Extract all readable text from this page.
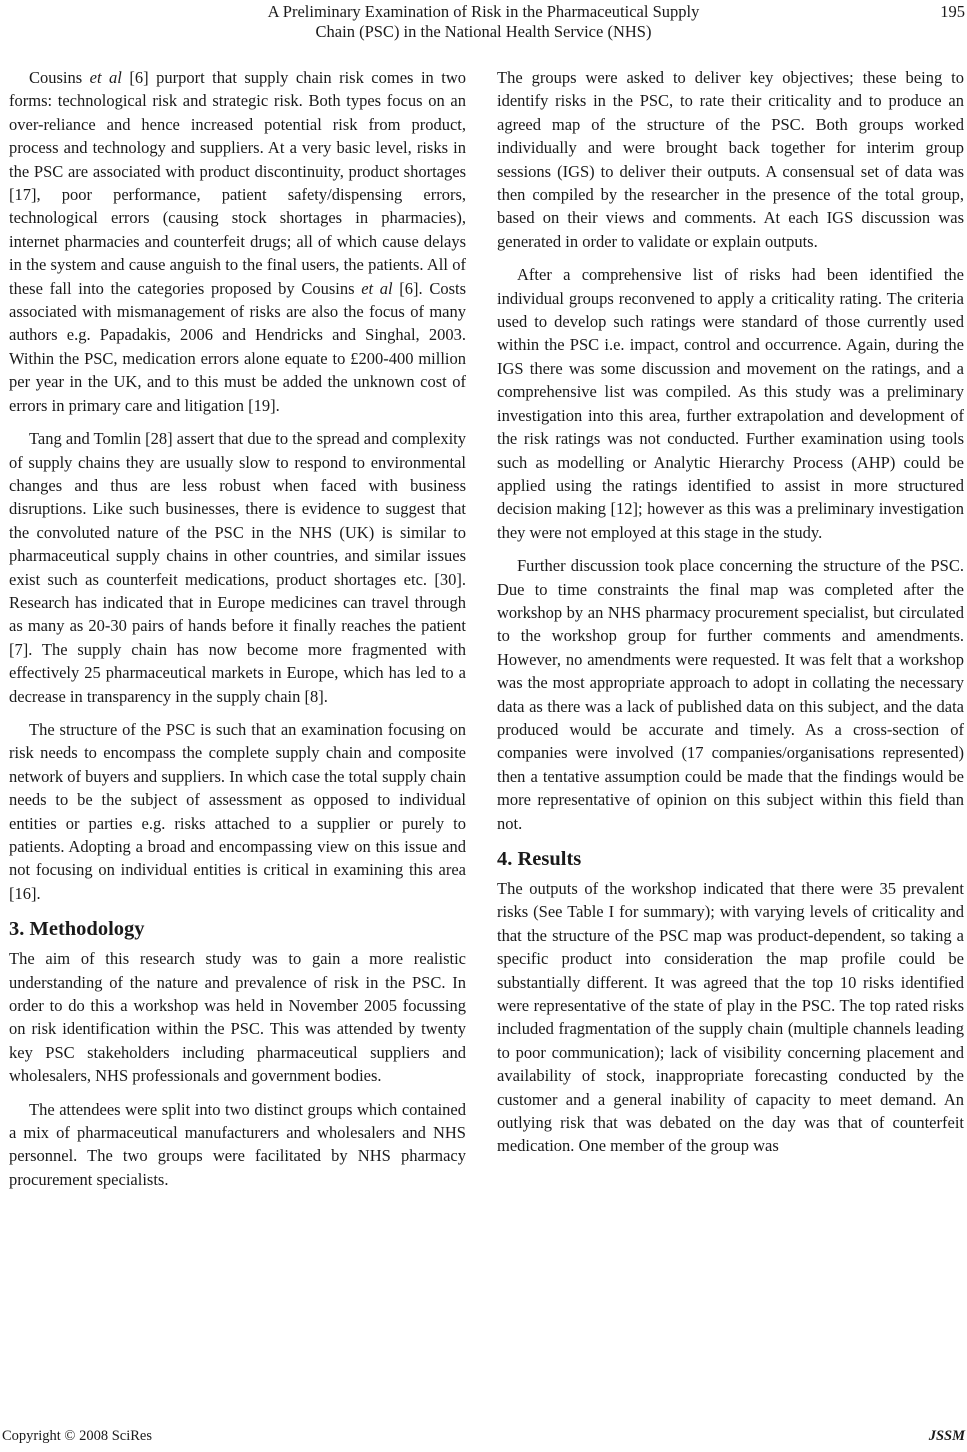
A Preliminary Examination of Risk in the Pharmaceutical Supply
Chain (PSC) in the National Health Service (NHS)
195

Cousins et al [6] purport that supply chain risk comes in two forms: technological risk and strategic risk. Both types focus on an over-reliance and hence increased potential risk from product, process and technology and suppliers. At a very basic level, risks in the PSC are associated with product discontinuity, product shortages [17], poor performance, patient safety/dispensing errors, technological errors (causing stock shortages in pharmacies), internet pharmacies and counterfeit drugs; all of which cause delays in the system and cause anguish to the final users, the patients. All of these fall into the categories proposed by Cousins et al [6]. Costs associated with mismanagement of risks are also the focus of many authors e.g. Papadakis, 2006 and Hendricks and Singhal, 2003. Within the PSC, medication errors alone equate to £200-400 million per year in the UK, and to this must be added the unknown cost of errors in primary care and litigation [19].

Tang and Tomlin [28] assert that due to the spread and complexity of supply chains they are usually slow to respond to environmental changes and thus are less robust when faced with business disruptions. Like such businesses, there is evidence to suggest that the convoluted nature of the PSC in the NHS (UK) is similar to pharmaceutical supply chains in other countries, and similar issues exist such as counterfeit medications, product shortages etc. [30]. Research has indicated that in Europe medicines can travel through as many as 20-30 pairs of hands before it finally reaches the patient [7]. The supply chain has now become more fragmented with effectively 25 pharmaceutical markets in Europe, which has led to a decrease in transparency in the supply chain [8].

The structure of the PSC is such that an examination focusing on risk needs to encompass the complete supply chain and composite network of buyers and suppliers. In which case the total supply chain needs to be the subject of assessment as opposed to individual entities or parties e.g. risks attached to a supplier or purely to patients. Adopting a broad and encompassing view on this issue and not focusing on individual entities is critical in examining this area [16].

3. Methodology

The aim of this research study was to gain a more realistic understanding of the nature and prevalence of risk in the PSC. In order to do this a workshop was held in November 2005 focussing on risk identification within the PSC. This was attended by twenty key PSC stakeholders including pharmaceutical suppliers and wholesalers, NHS professionals and government bodies.

The attendees were split into two distinct groups which contained a mix of pharmaceutical manufacturers and wholesalers and NHS personnel. The two groups were facilitated by NHS pharmacy procurement specialists.

The groups were asked to deliver key objectives; these being to identify risks in the PSC, to rate their criticality and to produce an agreed map of the structure of the PSC. Both groups worked individually and were brought back together for interim group sessions (IGS) to deliver their outputs. A consensual set of data was then compiled by the researcher in the presence of the total group, based on their views and comments. At each IGS discussion was generated in order to validate or explain outputs.

After a comprehensive list of risks had been identified the individual groups reconvened to apply a criticality rating. The criteria used to develop such ratings were standard of those currently used within the PSC i.e. impact, control and occurrence. Again, during the IGS there was some discussion and movement on the ratings, and a comprehensive list was compiled. As this study was a preliminary investigation into this area, further extrapolation and development of the risk ratings was not conducted. Further examination using tools such as modelling or Analytic Hierarchy Process (AHP) could be applied using the ratings identified to assist in more structured decision making [12]; however as this was a preliminary investigation they were not employed at this stage in the study.

Further discussion took place concerning the structure of the PSC. Due to time constraints the final map was completed after the workshop by an NHS pharmacy procurement specialist, but circulated to the workshop group for further comments and amendments. However, no amendments were requested. It was felt that a workshop was the most appropriate approach to adopt in collating the necessary data as there was a lack of published data on this subject, and the data produced would be accurate and timely. As a cross-section of companies were involved (17 companies/organisations represented) then a tentative assumption could be made that the findings would be more representative of opinion on this subject within this field than not.

4. Results

The outputs of the workshop indicated that there were 35 prevalent risks (See Table I for summary); with varying levels of criticality and that the structure of the PSC map was product-dependent, so taking a specific product into consideration the map profile could be substantially different. It was agreed that the top 10 risks identified were representative of the state of play in the PSC. The top rated risks included fragmentation of the supply chain (multiple channels leading to poor communication); lack of visibility concerning placement and availability of stock, inappropriate forecasting conducted by the customer and a general inability of capacity to meet demand. An outlying risk that was debated on the day was that of counterfeit medication. One member of the group was

Copyright © 2008 SciRes	JSSM
